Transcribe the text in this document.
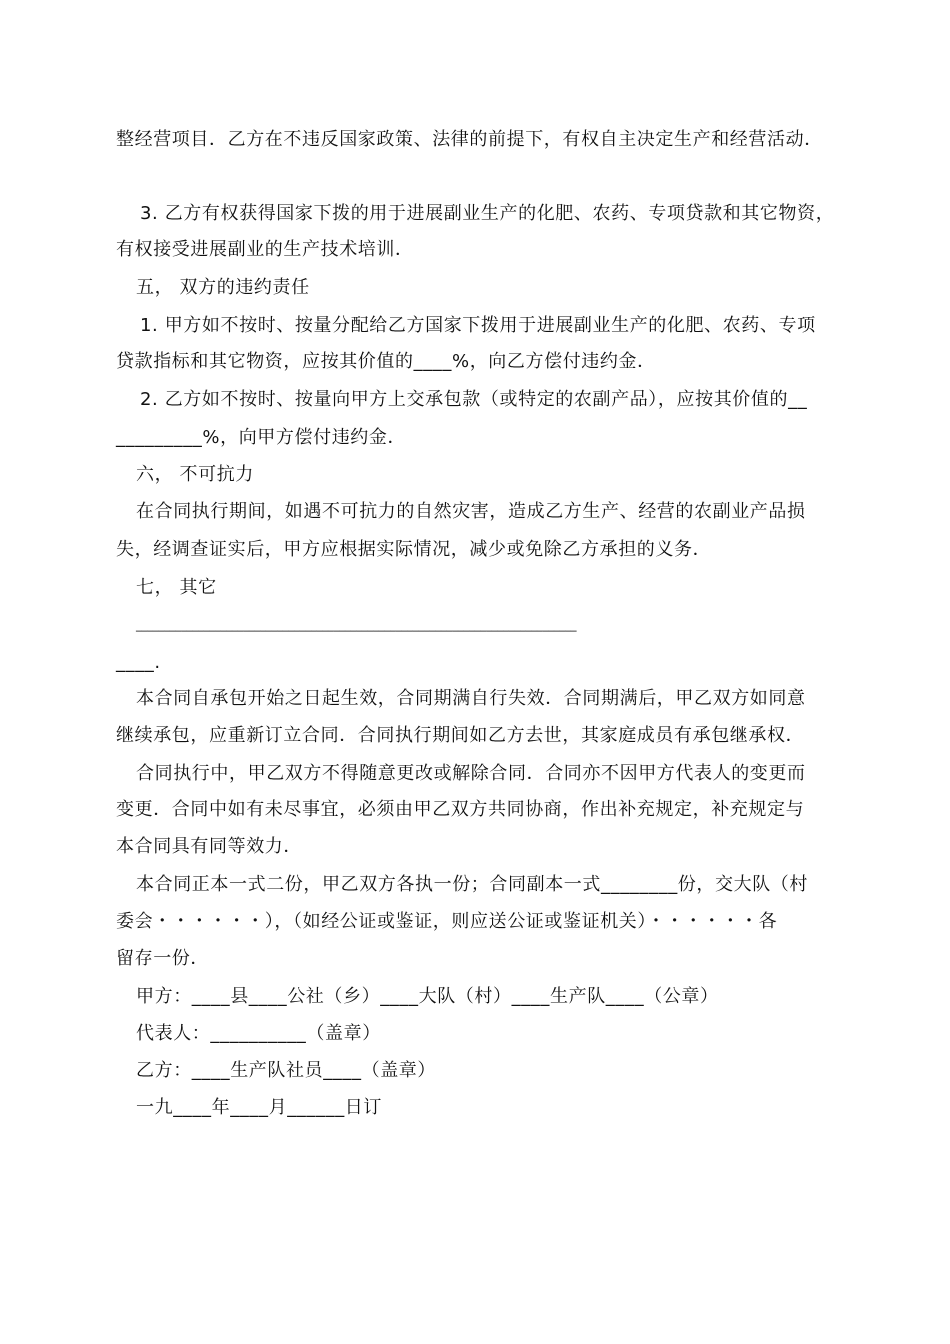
整经营项目．乙方在不违反国家政策、法律的前提下，有权自主决定生产和经营活动．
3. 乙方有权获得国家下拨的用于进展副业生产的化肥、农药、专项贷款和其它物资，
有权接受进展副业的生产技术培训．
五， 双方的违约责任
1. 甲方如不按时、按量分配给乙方国家下拨用于进展副业生产的化肥、农药、专项
贷款指标和其它物资，应按其价值的____%，向乙方偿付违约金．
2. 乙方如不按时、按量向甲方上交承包款（或特定的农副产品），应按其价值的__
_________%，向甲方偿付违约金．
六， 不可抗力
在合同执行期间，如遇不可抗力的自然灾害，造成乙方生产、经营的农副业产品损
失，经调查证实后，甲方应根据实际情况，减少或免除乙方承担的义务．
七， 其它
______________________________________________________________________________
____.
本合同自承包开始之日起生效，合同期满自行失效．合同期满后，甲乙双方如同意
继续承包，应重新订立合同．合同执行期间如乙方去世，其家庭成员有承包继承权．
合同执行中，甲乙双方不得随意更改或解除合同．合同亦不因甲方代表人的变更而
变更．合同中如有未尽事宜，必须由甲乙双方共同协商，作出补充规定，补充规定与
本合同具有同等效力．
本合同正本一式二份，甲乙双方各执一份；合同副本一式________份，交大队（村
委会・・・・・・），（如经公证或鉴证，则应送公证或鉴证机关）・・・・・・各
留存一份．
甲方：____县____公社（乡）____大队（村）____生产队____（公章）
代表人：__________（盖章）
乙方：____生产队社员____（盖章）
一九____年____月______日订
